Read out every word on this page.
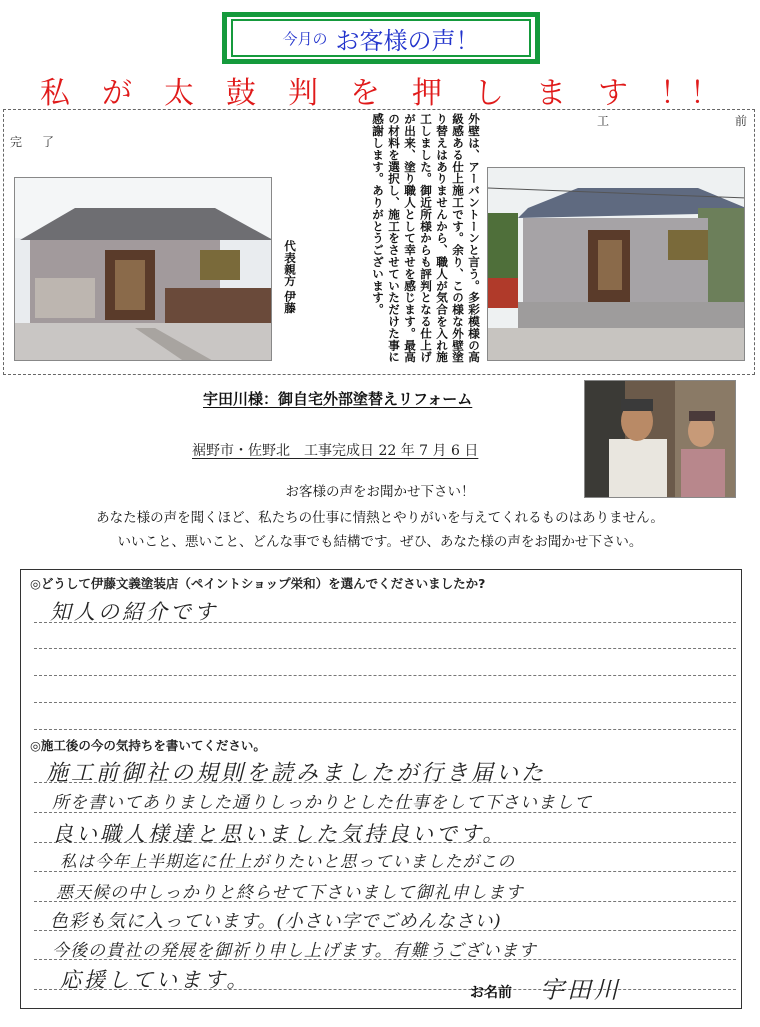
今月の お客様の声！
私 が 太 鼓 判 を 押 し ま す ！！
完了
工	前
外壁は、アーバントーンと言う。多彩模様の高級感ある仕上施工です。余り、この様な外壁塗り替えはありませんから、職人が気合を入れ施工しました。御近所様からも評判となる仕上げが出来、塗り職人として幸せを感じます。最高の材料を選択し、施工をさせていただけた事に感謝します。ありがとうございます。
代表親方 伊藤
宇田川様：御自宅外部塗替えリフォーム
裾野市・佐野北　工事完成日 22 年 7 月 6 日
お客様の声をお聞かせ下さい！
あなた様の声を聞くほど、私たちの仕事に情熱とやりがいを与えてくれるものはありません。
いいこと、悪いこと、どんな事でも結構です。ぜひ、あなた様の声をお聞かせ下さい。
◎どうして伊藤文義塗装店（ペイントショップ栄和）を選んでくださいましたか?
知人の紹介です
◎施工後の今の気持ちを書いてください。
施工前御社の規則を読みましたが行き届いた
所を書いてありました通りしっかりとした仕事をして下さいまして
良い職人様達と思いました気持良いです。
私は今年上半期迄に仕上がりたいと思っていましたがこの
悪天候の中しっかりと終らせて下さいまして御礼申します
色彩も気に入っています。(小さい字でごめんなさい)
今後の貴社の発展を御祈り申し上げます。有難うございます
応援しています。
お名前 宇田川
